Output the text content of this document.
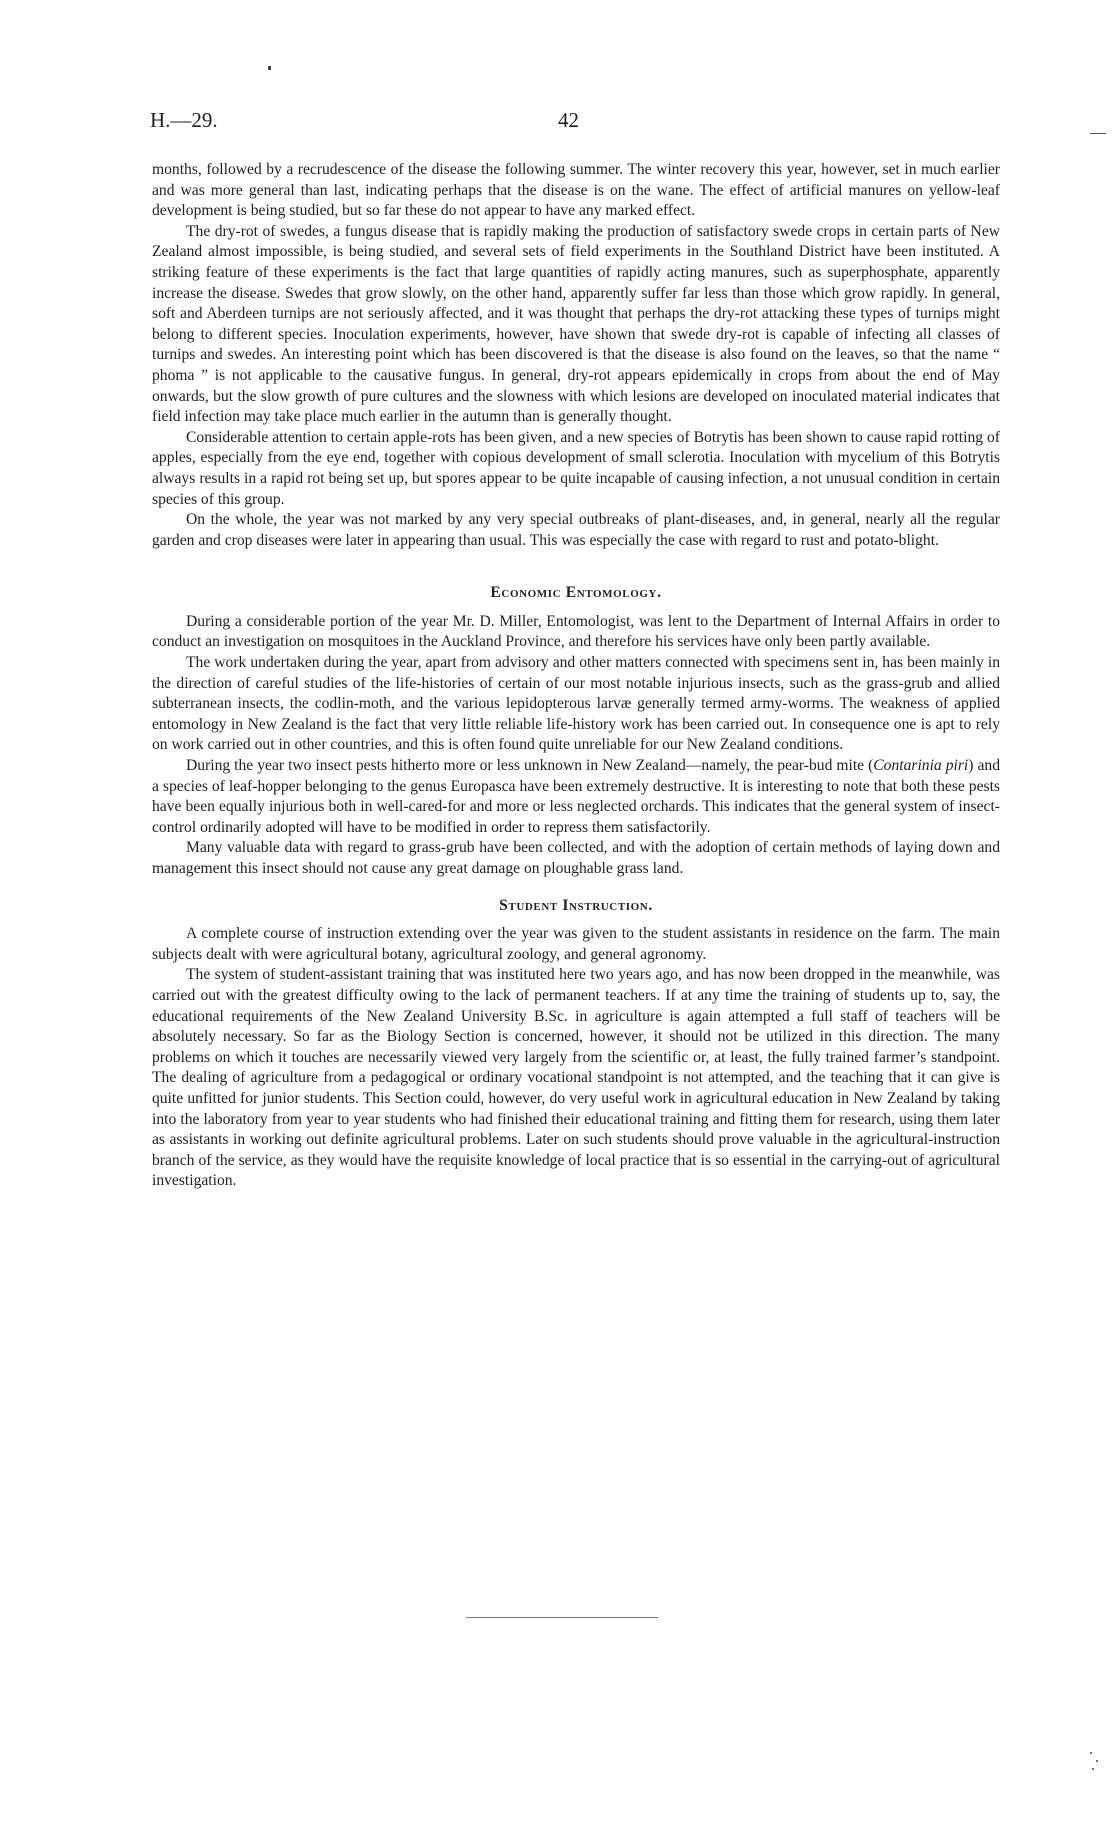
H.—29.	42

months, followed by a recrudescence of the disease the following summer. The winter recovery this year, however, set in much earlier and was more general than last, indicating perhaps that the disease is on the wane. The effect of artificial manures on yellow-leaf development is being studied, but so far these do not appear to have any marked effect.

The dry-rot of swedes, a fungus disease that is rapidly making the production of satisfactory swede crops in certain parts of New Zealand almost impossible, is being studied, and several sets of field experiments in the Southland District have been instituted. A striking feature of these experiments is the fact that large quantities of rapidly acting manures, such as superphosphate, apparently increase the disease. Swedes that grow slowly, on the other hand, apparently suffer far less than those which grow rapidly. In general, soft and Aberdeen turnips are not seriously affected, and it was thought that perhaps the dry-rot attacking these types of turnips might belong to different species. Inoculation experiments, however, have shown that swede dry-rot is capable of infecting all classes of turnips and swedes. An interesting point which has been discovered is that the disease is also found on the leaves, so that the name “ phoma ” is not applicable to the causative fungus. In general, dry-rot appears epidemically in crops from about the end of May onwards, but the slow growth of pure cultures and the slowness with which lesions are developed on inoculated material indicates that field infection may take place much earlier in the autumn than is generally thought.

Considerable attention to certain apple-rots has been given, and a new species of Botrytis has been shown to cause rapid rotting of apples, especially from the eye end, together with copious development of small sclerotia. Inoculation with mycelium of this Botrytis always results in a rapid rot being set up, but spores appear to be quite incapable of causing infection, a not unusual condition in certain species of this group.

On the whole, the year was not marked by any very special outbreaks of plant-diseases, and, in general, nearly all the regular garden and crop diseases were later in appearing than usual. This was especially the case with regard to rust and potato-blight.

Economic Entomology.

During a considerable portion of the year Mr. D. Miller, Entomologist, was lent to the Department of Internal Affairs in order to conduct an investigation on mosquitoes in the Auckland Province, and therefore his services have only been partly available.

The work undertaken during the year, apart from advisory and other matters connected with specimens sent in, has been mainly in the direction of careful studies of the life-histories of certain of our most notable injurious insects, such as the grass-grub and allied subterranean insects, the codlin-moth, and the various lepidopterous larvæ generally termed army-worms. The weakness of applied entomology in New Zealand is the fact that very little reliable life-history work has been carried out. In consequence one is apt to rely on work carried out in other countries, and this is often found quite unreliable for our New Zealand conditions.

During the year two insect pests hitherto more or less unknown in New Zealand—namely, the pear-bud mite (Contarinia piri) and a species of leaf-hopper belonging to the genus Europasca have been extremely destructive. It is interesting to note that both these pests have been equally injurious both in well-cared-for and more or less neglected orchards. This indicates that the general system of insect-control ordinarily adopted will have to be modified in order to repress them satisfactorily.

Many valuable data with regard to grass-grub have been collected, and with the adoption of certain methods of laying down and management this insect should not cause any great damage on ploughable grass land.

Student Instruction.

A complete course of instruction extending over the year was given to the student assistants in residence on the farm. The main subjects dealt with were agricultural botany, agricultural zoology, and general agronomy.

The system of student-assistant training that was instituted here two years ago, and has now been dropped in the meanwhile, was carried out with the greatest difficulty owing to the lack of permanent teachers. If at any time the training of students up to, say, the educational requirements of the New Zealand University B.Sc. in agriculture is again attempted a full staff of teachers will be absolutely necessary. So far as the Biology Section is concerned, however, it should not be utilized in this direction. The many problems on which it touches are necessarily viewed very largely from the scientific or, at least, the fully trained farmer’s standpoint. The dealing of agriculture from a pedagogical or ordinary vocational standpoint is not attempted, and the teaching that it can give is quite unfitted for junior students. This Section could, however, do very useful work in agricultural education in New Zealand by taking into the laboratory from year to year students who had finished their educational training and fitting them for research, using them later as assistants in working out definite agricultural problems. Later on such students should prove valuable in the agricultural-instruction branch of the service, as they would have the requisite knowledge of local practice that is so essential in the carrying-out of agricultural investigation.
